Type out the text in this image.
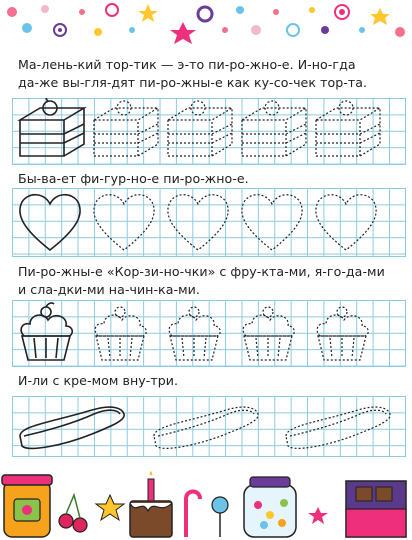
Ма-лень-кий тор-тик — э-то пи-ро-жно-е. И-но-гда
да-же вы-гля-дят пи-ро-жны-е как ку-со-чек тор-та.
Бы-ва-ет фи-гур-но-е пи-ро-жно-е.
Пи-ро-жны-е «Кор-зи-но-чки» с фру-кта-ми, я-го-да-ми
и сла-дки-ми на-чин-ка-ми.
И-ли с кре-мом вну-три.
